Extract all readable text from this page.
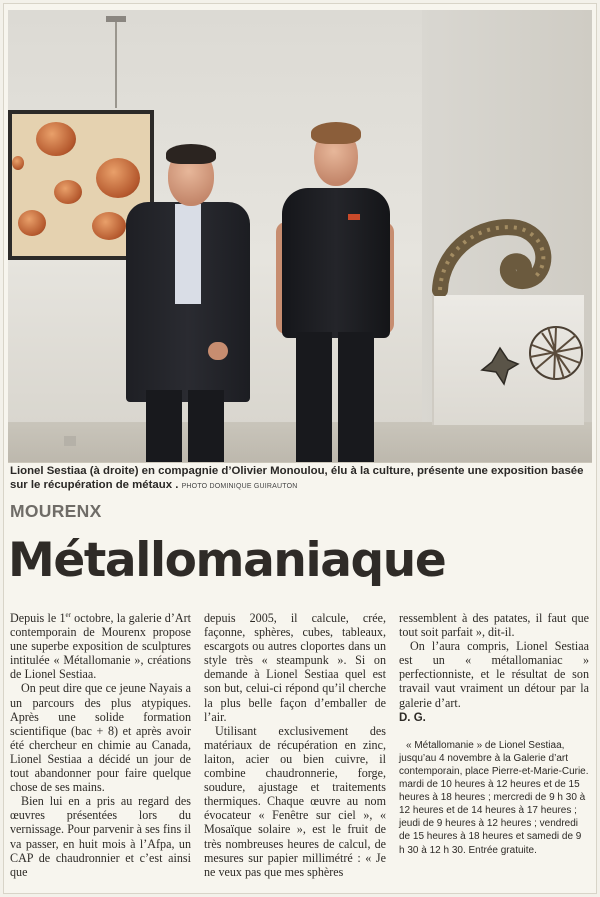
Lionel Sestiaa (à droite) en compagnie d’Olivier Monoulou, élu à la culture, présente une exposition basée sur le récupération de métaux . PHOTO DOMINIQUE GUIRAUTON
MOURENX
Métallomaniaque

Depuis le 1er octobre, la galerie d’Art contemporain de Mourenx propose une superbe exposition de sculptures intitulée « Métallomanie », créations de Lionel Sestiaa.

On peut dire que ce jeune Nayais a un parcours des plus atypiques. Après une solide formation scientifique (bac + 8) et après avoir été chercheur en chimie au Canada, Lionel Sestiaa a décidé un jour de tout abandonner pour faire quelque chose de ses mains.

Bien lui en a pris au regard des œuvres présentées lors du vernissage. Pour parvenir à ses fins il va passer, en huit mois à l’Afpa, un CAP de chaudronnier et c’est ainsi que

depuis 2005, il calcule, crée, façonne, sphères, cubes, tableaux, escargots ou autres cloportes dans un style très « steampunk ». Si on demande à Lionel Sestiaa quel est son but, celui-ci répond qu’il cherche la plus belle façon d’emballer de l’air.

Utilisant exclusivement des matériaux de récupération en zinc, laiton, acier ou bien cuivre, il combine chaudronnerie, forge, soudure, ajustage et traitements thermiques. Chaque œuvre au nom évocateur « Fenêtre sur ciel », « Mosaïque solaire », est le fruit de très nombreuses heures de calcul, de mesures sur papier millimétré : « Je ne veux pas que mes sphères

ressemblent à des patates, il faut que tout soit parfait », dit-il.

On l’aura compris, Lionel Sestiaa est un « métallomaniac » perfectionniste, et le résultat de son travail vaut vraiment un détour par la galerie d’art.

D. G.

« Métallomanie » de Lionel Sestiaa, jusqu’au 4 novembre à la Galerie d’art contemporain, place Pierre-et-Marie-Curie. mardi de 10 heures à 12 heures et de 15 heures à 18 heures ; mercredi de 9 h 30 à 12 heures et de 14 heures à 17 heures ; jeudi de 9 heures à 12 heures ; vendredi de 15 heures à 18 heures et samedi de 9 h 30 à 12 h 30. Entrée gratuite.
